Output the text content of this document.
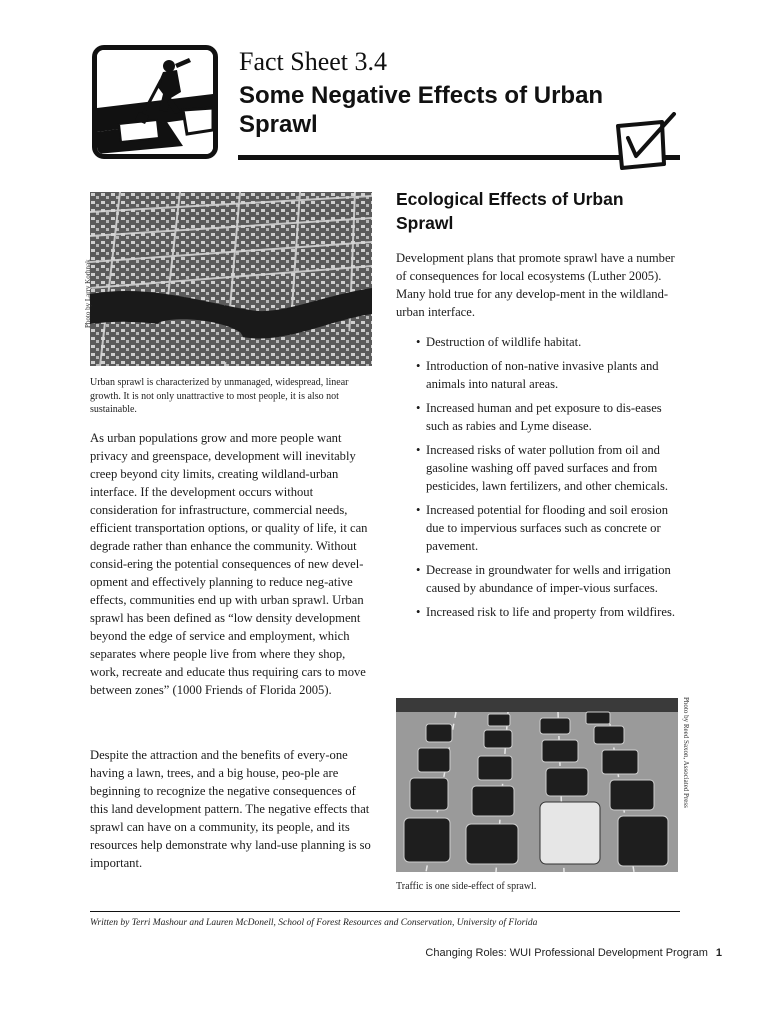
Fact Sheet 3.4
Some Negative Effects of Urban Sprawl
Photo by Larry Korhnak
Urban sprawl is characterized by unmanaged, widespread, linear growth. It is not only unattractive to most people, it is also not sustainable.
As urban populations grow and more people want privacy and greenspace, development will inevitably creep beyond city limits, creating wildland-urban interface. If the development occurs without consideration for infrastructure, commercial needs, efficient transportation options, or quality of life, it can degrade rather than enhance the community. Without consid-ering the potential consequences of new devel-opment and effectively planning to reduce neg-ative effects, communities end up with urban sprawl. Urban sprawl has been defined as “low density development beyond the edge of service and employment, which separates where people live from where they shop, work, recreate and educate thus requiring cars to move between zones” (1000 Friends of Florida 2005).
Despite the attraction and the benefits of every-one having a lawn, trees, and a big house, peo-ple are beginning to recognize the negative consequences of this land development pattern. The negative effects that sprawl can have on a community, its people, and its resources help demonstrate why land-use planning is so important.
Ecological Effects of Urban Sprawl
Development plans that promote sprawl have a number of consequences for local ecosystems (Luther 2005). Many hold true for any develop-ment in the wildland-urban interface.
• Destruction of wildlife habitat.
• Introduction of non-native invasive plants and animals into natural areas.
• Increased human and pet exposure to dis-eases such as rabies and Lyme disease.
• Increased risks of water pollution from oil and gasoline washing off paved surfaces and from pesticides, lawn fertilizers, and other chemicals.
• Increased potential for flooding and soil erosion due to impervious surfaces such as concrete or pavement.
• Decrease in groundwater for wells and irrigation caused by abundance of imper-vious surfaces.
• Increased risk to life and property from wildfires.
Photo by Reed Saxon, Associated Press
Traffic is one side-effect of sprawl.
Written by Terri Mashour and Lauren McDonell, School of Forest Resources and Conservation, University of Florida
Changing Roles: WUI Professional Development Program 1
